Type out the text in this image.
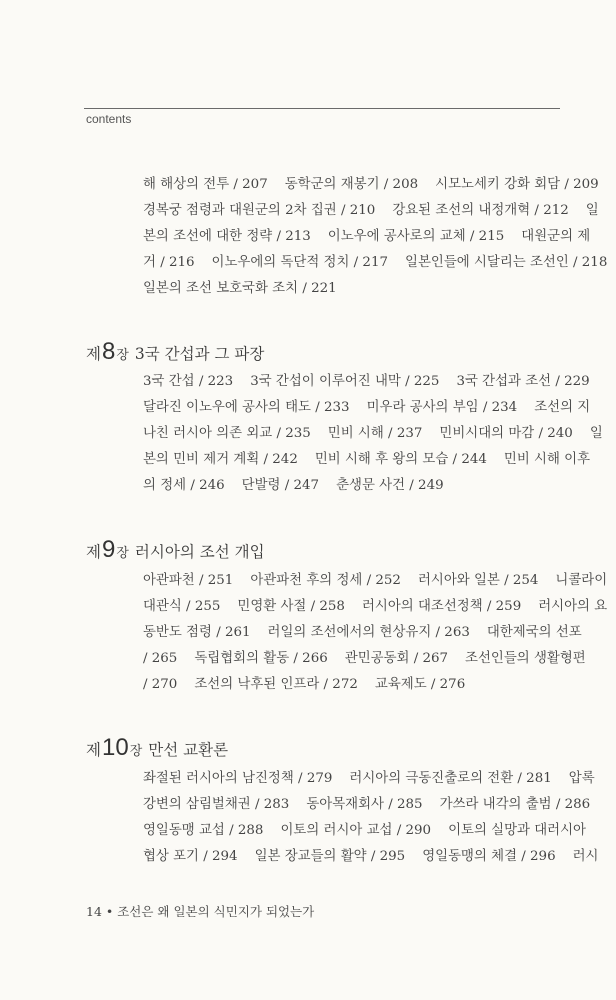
contents
해 해상의 전투 / 207    동학군의 재봉기 / 208    시모노세키 강화 회담 / 209
경복궁 점령과 대원군의 2차 집권 / 210    강요된 조선의 내정개혁 / 212    일
본의 조선에 대한 정략 / 213    이노우에 공사로의 교체 / 215    대원군의 제
거 / 216    이노우에의 독단적 정치 / 217    일본인들에 시달리는 조선인 / 218
일본의 조선 보호국화 조치 / 221
제8장 3국 간섭과 그 파장
3국 간섭 / 223    3국 간섭이 이루어진 내막 / 225    3국 간섭과 조선 / 229
달라진 이노우에 공사의 태도 / 233    미우라 공사의 부임 / 234    조선의 지
나친 러시아 의존 외교 / 235    민비 시해 / 237    민비시대의 마감 / 240    일
본의 민비 제거 계획 / 242    민비 시해 후 왕의 모습 / 244    민비 시해 이후
의 정세 / 246    단발령 / 247    춘생문 사건 / 249
제9장 러시아의 조선 개입
아관파천 / 251    아관파천 후의 정세 / 252    러시아와 일본 / 254    니콜라이
대관식 / 255    민영환 사절 / 258    러시아의 대조선정책 / 259    러시아의 요
동반도 점령 / 261    러일의 조선에서의 현상유지 / 263    대한제국의 선포
/ 265    독립협회의 활동 / 266    관민공동회 / 267    조선인들의 생활형편
/ 270    조선의 낙후된 인프라 / 272    교육제도 / 276
제10장 만선 교환론
좌절된 러시아의 남진정책 / 279    러시아의 극동진출로의 전환 / 281    압록
강변의 삼림벌채권 / 283    동아목재회사 / 285    가쓰라 내각의 출범 / 286
영일동맹 교섭 / 288    이토의 러시아 교섭 / 290    이토의 실망과 대러시아
협상 포기 / 294    일본 장교들의 활약 / 295    영일동맹의 체결 / 296    러시
14 • 조선은 왜 일본의 식민지가 되었는가
